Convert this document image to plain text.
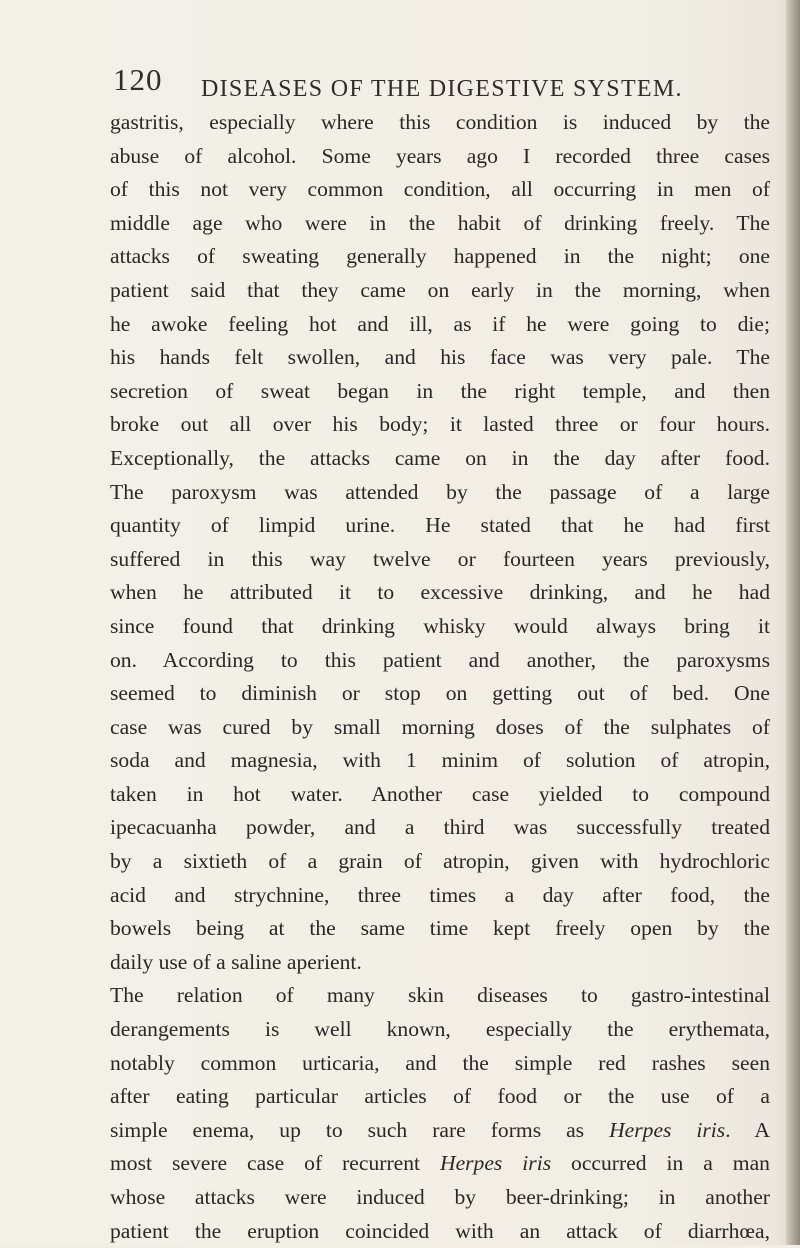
120 DISEASES OF THE DIGESTIVE SYSTEM.
gastritis, especially where this condition is induced by the
abuse of alcohol. Some years ago I recorded three cases
of this not very common condition, all occurring in men of
middle age who were in the habit of drinking freely. The
attacks of sweating generally happened in the night; one
patient said that they came on early in the morning, when
he awoke feeling hot and ill, as if he were going to die;
his hands felt swollen, and his face was very pale. The
secretion of sweat began in the right temple, and then
broke out all over his body; it lasted three or four hours.
Exceptionally, the attacks came on in the day after food.
The paroxysm was attended by the passage of a large
quantity of limpid urine. He stated that he had first
suffered in this way twelve or fourteen years previously,
when he attributed it to excessive drinking, and he had
since found that drinking whisky would always bring it
on. According to this patient and another, the paroxysms
seemed to diminish or stop on getting out of bed. One
case was cured by small morning doses of the sulphates of
soda and magnesia, with 1 minim of solution of atropin,
taken in hot water. Another case yielded to compound
ipecacuanha powder, and a third was successfully treated
by a sixtieth of a grain of atropin, given with hydrochloric
acid and strychnine, three times a day after food, the
bowels being at the same time kept freely open by the
daily use of a saline aperient.
The relation of many skin diseases to gastro-intestinal
derangements is well known, especially the erythemata,
notably common urticaria, and the simple red rashes seen
after eating particular articles of food or the use of a
simple enema, up to such rare forms as Herpes iris. A
most severe case of recurrent Herpes iris occurred in a man
whose attacks were induced by beer-drinking; in another
patient the eruption coincided with an attack of diarrhœa,
